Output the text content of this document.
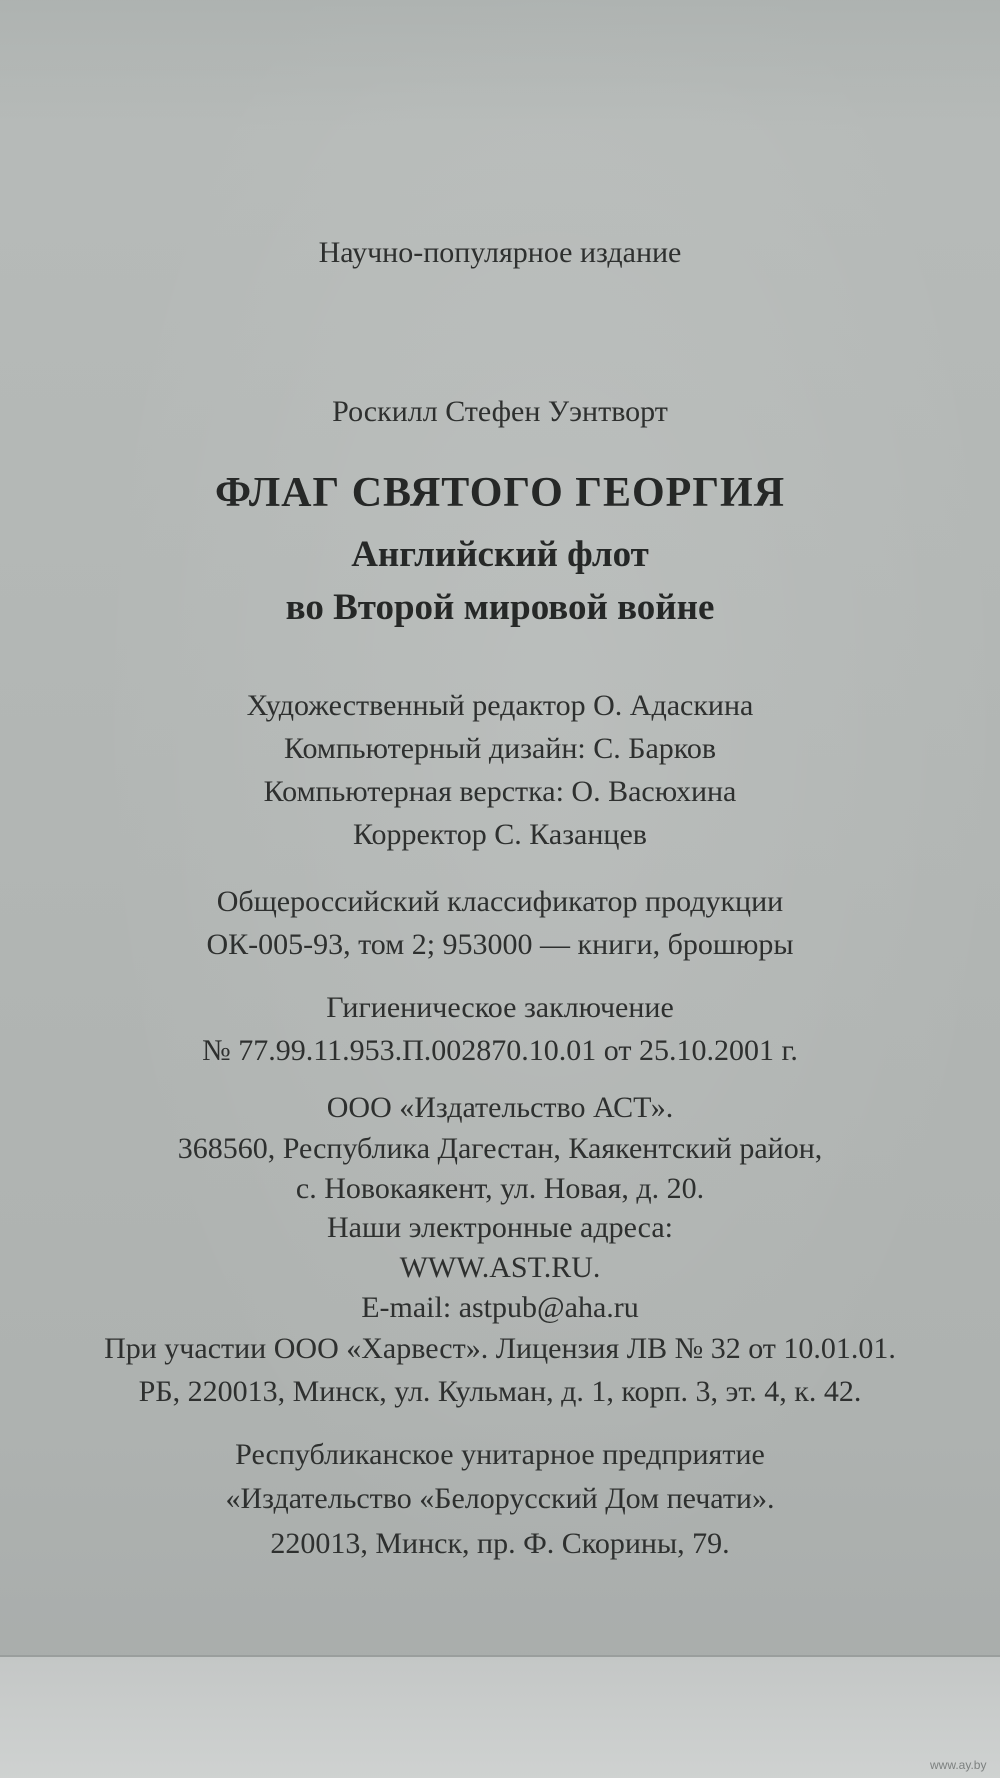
Научно-популярное издание
Роскилл Стефен Уэнтворт
ФЛАГ СВЯТОГО ГЕОРГИЯ
Английский флот
во Второй мировой войне
Художественный редактор О. Адаскина
Компьютерный дизайн: С. Барков
Компьютерная верстка: О. Васюхина
Корректор С. Казанцев
Общероссийский классификатор продукции
ОК-005-93, том 2; 953000 — книги, брошюры
Гигиеническое заключение
№ 77.99.11.953.П.002870.10.01 от 25.10.2001 г.
ООО «Издательство АСТ».
368560, Республика Дагестан, Каякентский район,
с. Новокаякент, ул. Новая, д. 20.
Наши электронные адреса:
WWW.AST.RU.
E-mail: astpub@aha.ru
При участии ООО «Харвест». Лицензия ЛВ № 32 от 10.01.01.
РБ, 220013, Минск, ул. Кульман, д. 1, корп. 3, эт. 4, к. 42.
Республиканское унитарное предприятие
«Издательство «Белорусский Дом печати».
220013, Минск, пр. Ф. Скорины, 79.
www.ay.by
